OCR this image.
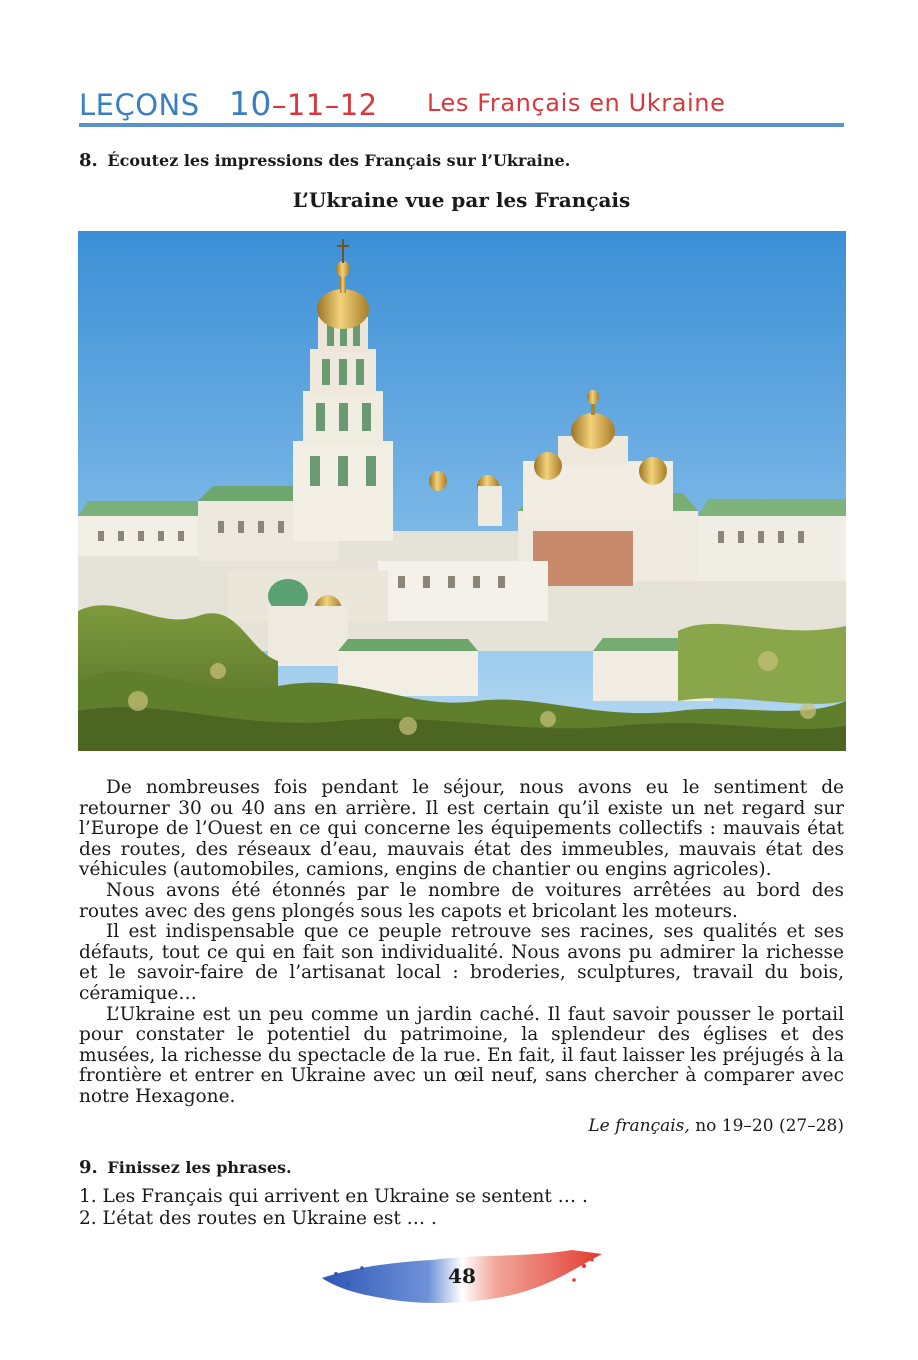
LEÇONS 10–11–12 Les Français en Ukraine
8. Écoutez les impressions des Français sur l’Ukraine.
L’Ukraine vue par les Français

De nombreuses fois pendant le séjour, nous avons eu le sentiment de retourner 30 ou 40 ans en arrière. Il est certain qu’il existe un net regard sur l’Europe de l’Ouest en ce qui concerne les équipements collectifs : mauvais état des routes, des réseaux d’eau, mauvais état des immeubles, mauvais état des véhicules (automobiles, camions, engins de chantier ou engins agricoles).

Nous avons été étonnés par le nombre de voitures arrêtées au bord des routes avec des gens plongés sous les capots et bricolant les moteurs.

Il est indispensable que ce peuple retrouve ses racines, ses qualités et ses défauts, tout ce qui en fait son individualité. Nous avons pu admirer la richesse et le savoir-faire de l’artisanat local : broderies, sculptures, travail du bois, céramique…

L’Ukraine est un peu comme un jardin caché. Il faut savoir pousser le portail pour constater le potentiel du patrimoine, la splendeur des églises et des musées, la richesse du spectacle de la rue. En fait, il faut laisser les préjugés à la frontière et entrer en Ukraine avec un œil neuf, sans chercher à comparer avec notre Hexagone.

Le français, no 19–20 (27–28)
9. Finissez les phrases.
1. Les Français qui arrivent en Ukraine se sentent … .
2. L’état des routes en Ukraine est … .
48
